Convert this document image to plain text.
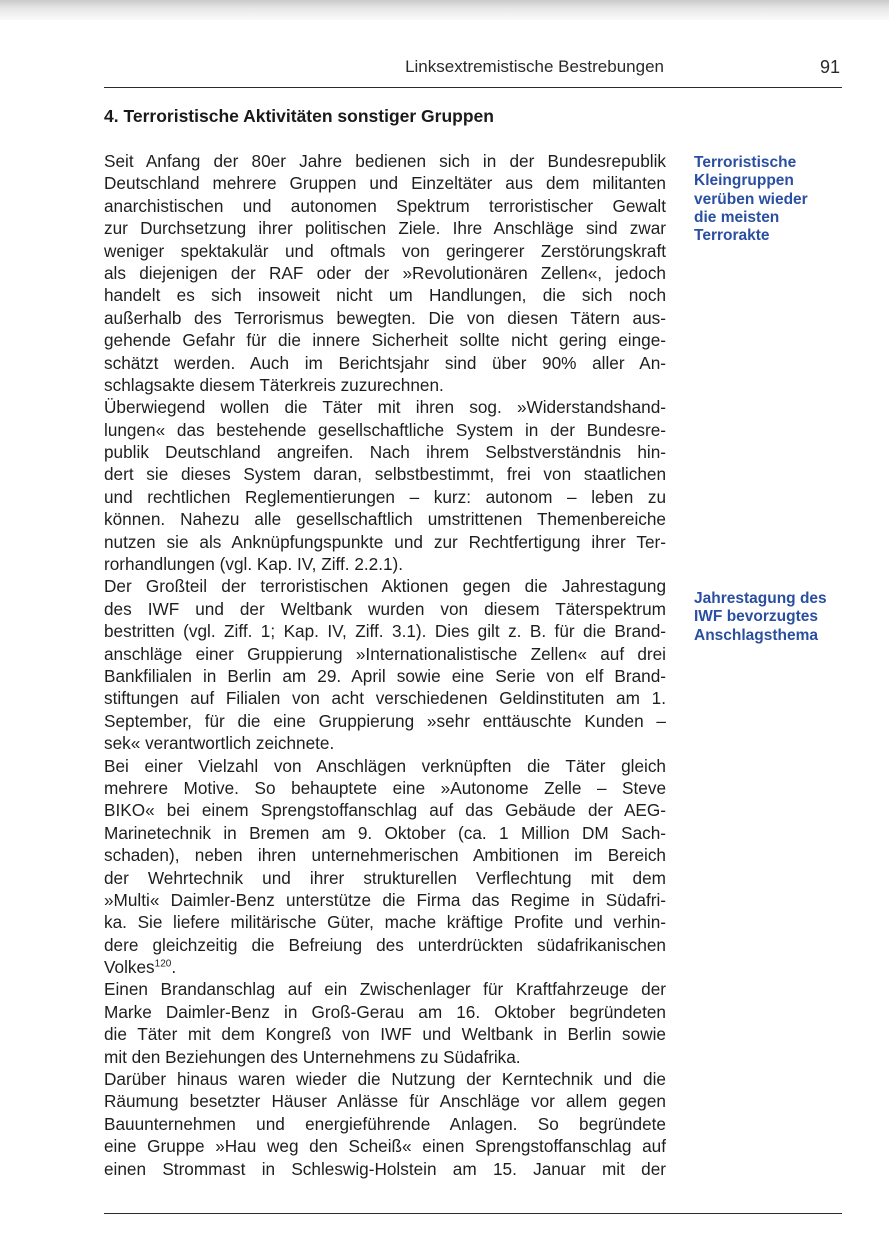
Linksextremistische Bestrebungen	91
4. Terroristische Aktivitäten sonstiger Gruppen
Seit Anfang der 80er Jahre bedienen sich in der Bundesrepublik
Deutschland mehrere Gruppen und Einzeltäter aus dem militanten
anarchistischen und autonomen Spektrum terroristischer Gewalt
zur Durchsetzung ihrer politischen Ziele. Ihre Anschläge sind zwar
weniger spektakulär und oftmals von geringerer Zerstörungskraft
als diejenigen der RAF oder der »Revolutionären Zellen«, jedoch
handelt es sich insoweit nicht um Handlungen, die sich noch
außerhalb des Terrorismus bewegten. Die von diesen Tätern aus-
gehende Gefahr für die innere Sicherheit sollte nicht gering einge-
schätzt werden. Auch im Berichtsjahr sind über 90% aller An-
schlagsakte diesem Täterkreis zuzurechnen.
Überwiegend wollen die Täter mit ihren sog. »Widerstandshand-
lungen« das bestehende gesellschaftliche System in der Bundesre-
publik Deutschland angreifen. Nach ihrem Selbstverständnis hin-
dert sie dieses System daran, selbstbestimmt, frei von staatlichen
und rechtlichen Reglementierungen – kurz: autonom – leben zu
können. Nahezu alle gesellschaftlich umstrittenen Themenbereiche
nutzen sie als Anknüpfungspunkte und zur Rechtfertigung ihrer Ter-
rorhandlungen (vgl. Kap. IV, Ziff. 2.2.1).
Der Großteil der terroristischen Aktionen gegen die Jahrestagung
des IWF und der Weltbank wurden von diesem Täterspektrum
bestritten (vgl. Ziff. 1; Kap. IV, Ziff. 3.1). Dies gilt z. B. für die Brand-
anschläge einer Gruppierung »Internationalistische Zellen« auf drei
Bankfilialen in Berlin am 29. April sowie eine Serie von elf Brand-
stiftungen auf Filialen von acht verschiedenen Geldinstituten am 1.
September, für die eine Gruppierung »sehr enttäuschte Kunden –
sek« verantwortlich zeichnete.
Bei einer Vielzahl von Anschlägen verknüpften die Täter gleich
mehrere Motive. So behauptete eine »Autonome Zelle – Steve
BIKO« bei einem Sprengstoffanschlag auf das Gebäude der AEG-
Marinetechnik in Bremen am 9. Oktober (ca. 1 Million DM Sach-
schaden), neben ihren unternehmerischen Ambitionen im Bereich
der Wehrtechnik und ihrer strukturellen Verflechtung mit dem
»Multi« Daimler-Benz unterstütze die Firma das Regime in Südafri-
ka. Sie liefere militärische Güter, mache kräftige Profite und verhin-
dere gleichzeitig die Befreiung des unterdrückten südafrikanischen
Volkes$^{120}$.
Einen Brandanschlag auf ein Zwischenlager für Kraftfahrzeuge der
Marke Daimler-Benz in Groß-Gerau am 16. Oktober begründeten
die Täter mit dem Kongreß von IWF und Weltbank in Berlin sowie
mit den Beziehungen des Unternehmens zu Südafrika.
Darüber hinaus waren wieder die Nutzung der Kerntechnik und die
Räumung besetzter Häuser Anlässe für Anschläge vor allem gegen
Bauunternehmen und energieführende Anlagen. So begründete
eine Gruppe »Hau weg den Scheiß« einen Sprengstoffanschlag auf
einen Strommast in Schleswig-Holstein am 15. Januar mit der
Terroristische
Kleingruppen
verüben wieder
die meisten
Terrorakte
Jahrestagung des
IWF bevorzugtes
Anschlagsthema
